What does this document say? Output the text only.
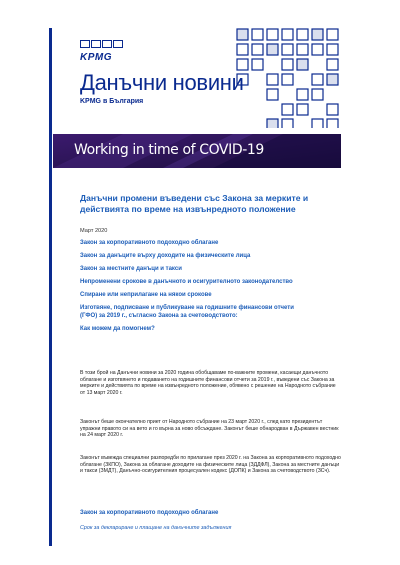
KPMG
Данъчни новини
KPMG в България
Working in time of COVID-19
Данъчни промени въведени със Закона за мерките и действията по време на извънредното положение
Март 2020
Закон за корпоративното подоходно облагане
Закон за данъците върху доходите на физическите лица
Закон за местните данъци и такси
Непроменени срокове в данъчното и осигурителното законодателство
Спиране или неприлагане на някои срокове
Изготвяне, подписване и публикуване на годишните финансови отчети (ГФО) за 2019 г., съгласно Закона за счетоводството:
Как можем да помогнем?

В този брой на Данъчни новини за 2020 година обобщаваме по-важните промени, касаещи данъчното облагане и изготвянето и подаването на годишните финансови отчети за 2019 г., въведени със Закона за мерките и действията по време на извънредното положение, обявено с решение на Народното събрание от 13 март 2020 г.

Законът беше окончателно приет от Народното събрание на 23 март 2020 г., след като президентът упражни правото си на вето и го върна за ново обсъждане. Законът беше обнародван в Държавен вестник на 24 март 2020 г.

Законът въвежда специални разпоредби по прилагане през 2020 г. на Закона за корпоративното подоходно облагане (ЗКПО), Закона за облагане доходите на физическите лица (ЗДДФЛ), Закона за местните данъци и такси (ЗМДТ), Данъчно-осигурителния процесуален кодекс (ДОПК) и Закона за счетоводството (ЗСч).

Закон за корпоративното подоходно облагане
Срок за деклариране и плащане на данъчните задължения
